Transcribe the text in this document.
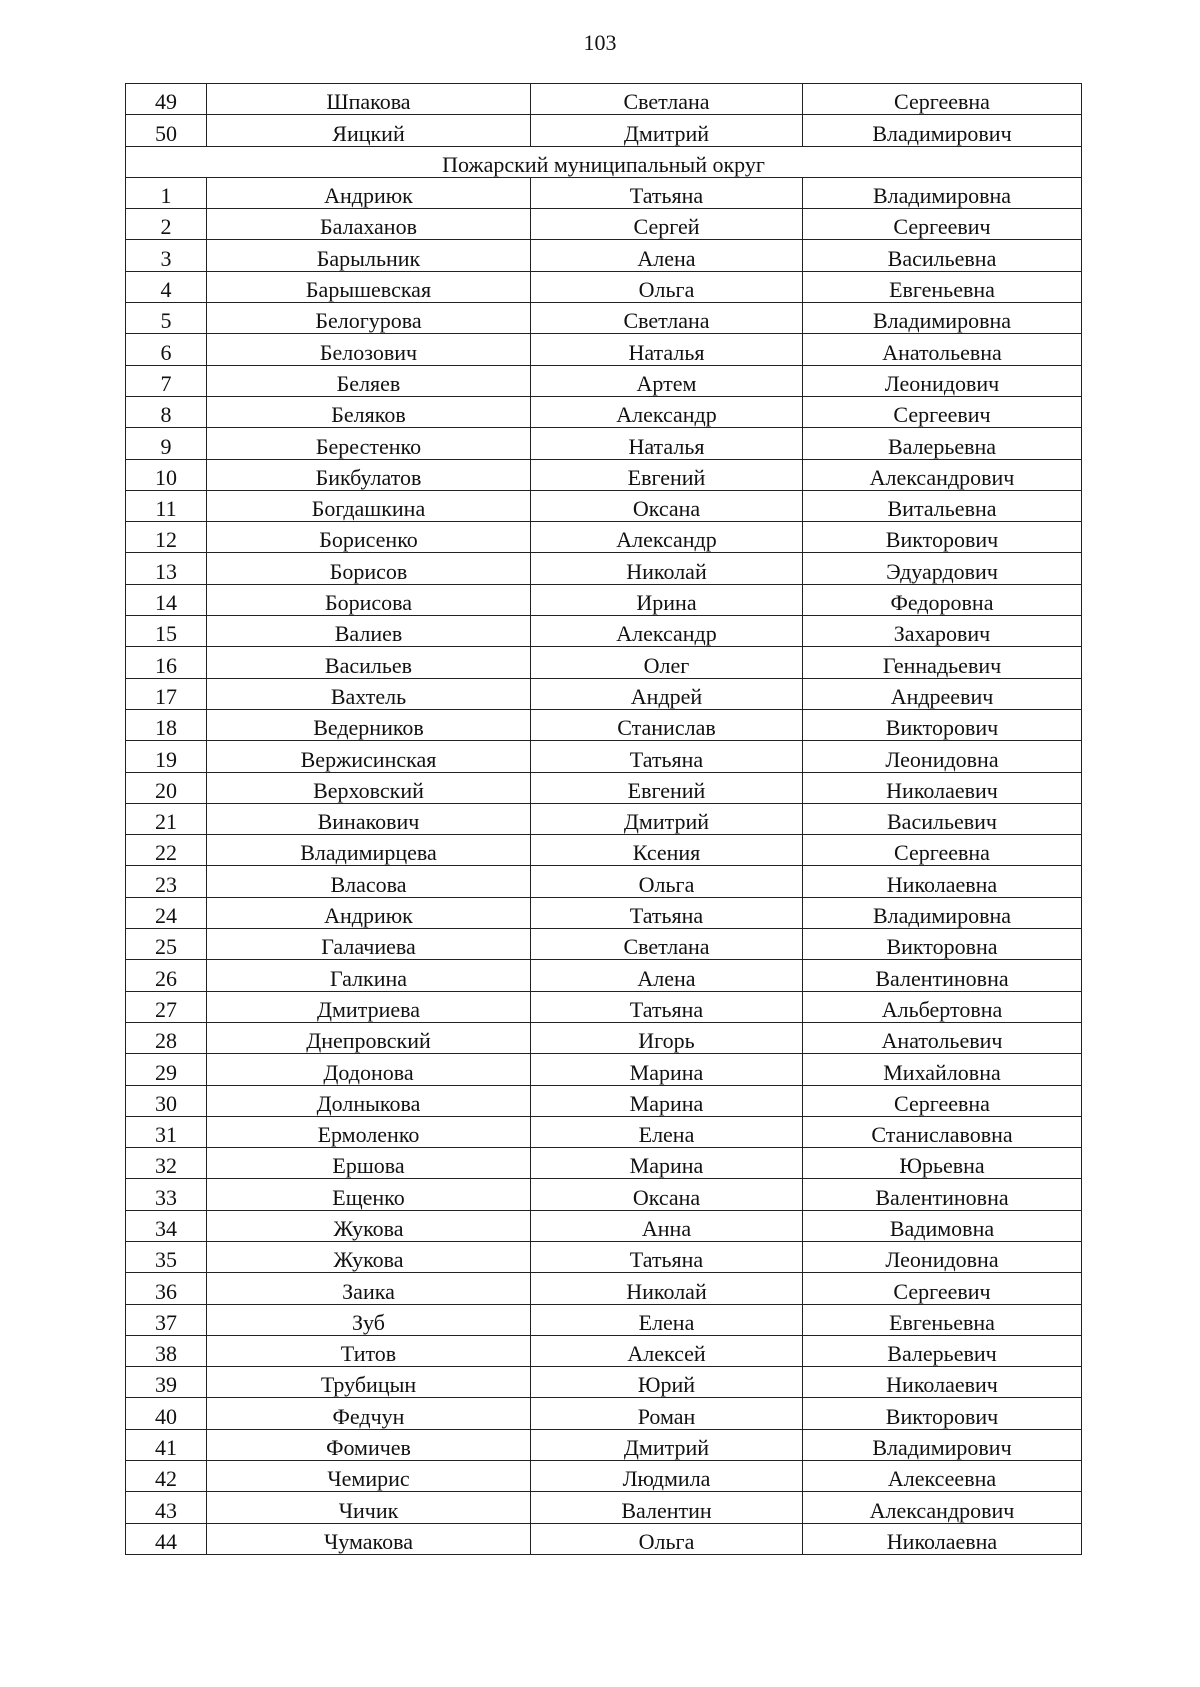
103
49	Шпакова	Светлана	Сергеевна
50	Яицкий	Дмитрий	Владимирович
Пожарский муниципальный округ			
1	Андриюк	Татьяна	Владимировна
2	Балаханов	Сергей	Сергеевич
3	Барыльник	Алена	Васильевна
4	Барышевская	Ольга	Евгеньевна
5	Белогурова	Светлана	Владимировна
6	Белозович	Наталья	Анатольевна
7	Беляев	Артем	Леонидович
8	Беляков	Александр	Сергеевич
9	Берестенко	Наталья	Валерьевна
10	Бикбулатов	Евгений	Александрович
11	Богдашкина	Оксана	Витальевна
12	Борисенко	Александр	Викторович
13	Борисов	Николай	Эдуардович
14	Борисова	Ирина	Федоровна
15	Валиев	Александр	Захарович
16	Васильев	Олег	Геннадьевич
17	Вахтель	Андрей	Андреевич
18	Ведерников	Станислав	Викторович
19	Вержисинская	Татьяна	Леонидовна
20	Верховский	Евгений	Николаевич
21	Винакович	Дмитрий	Васильевич
22	Владимирцева	Ксения	Сергеевна
23	Власова	Ольга	Николаевна
24	Андриюк	Татьяна	Владимировна
25	Галачиева	Светлана	Викторовна
26	Галкина	Алена	Валентиновна
27	Дмитриева	Татьяна	Альбертовна
28	Днепровский	Игорь	Анатольевич
29	Додонова	Марина	Михайловна
30	Долныкова	Марина	Сергеевна
31	Ермоленко	Елена	Станиславовна
32	Ершова	Марина	Юрьевна
33	Ещенко	Оксана	Валентиновна
34	Жукова	Анна	Вадимовна
35	Жукова	Татьяна	Леонидовна
36	Заика	Николай	Сергеевич
37	Зуб	Елена	Евгеньевна
38	Титов	Алексей	Валерьевич
39	Трубицын	Юрий	Николаевич
40	Федчун	Роман	Викторович
41	Фомичев	Дмитрий	Владимирович
42	Чемирис	Людмила	Алексеевна
43	Чичик	Валентин	Александрович
44	Чумакова	Ольга	Николаевна
